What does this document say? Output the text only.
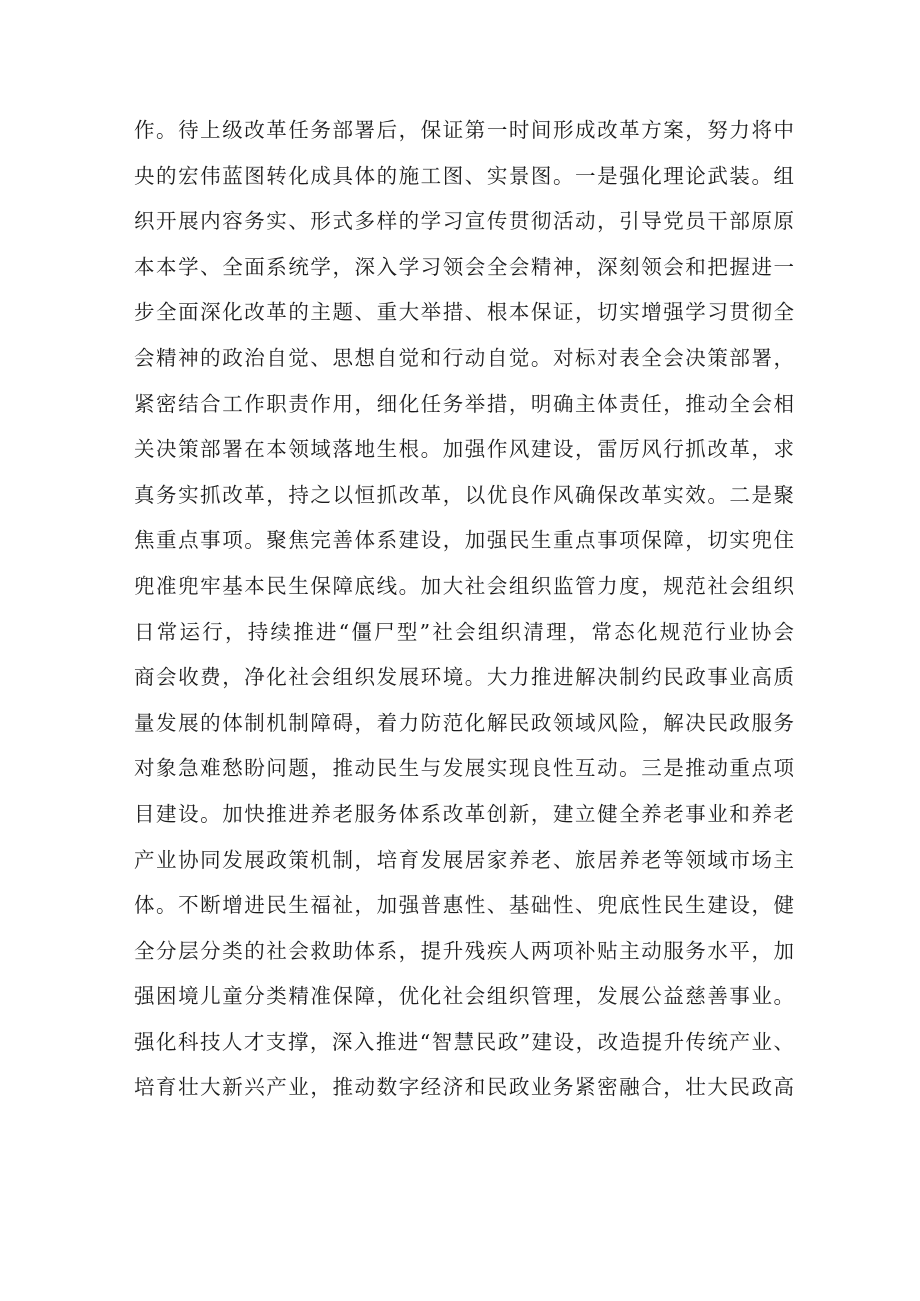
作。待上级改革任务部署后，保证第一时间形成改革方案，努力将中
央的宏伟蓝图转化成具体的施工图、实景图。一是强化理论武装。组
织开展内容务实、形式多样的学习宣传贯彻活动，引导党员干部原原
本本学、全面系统学，深入学习领会全会精神，深刻领会和把握进一
步全面深化改革的主题、重大举措、根本保证，切实增强学习贯彻全
会精神的政治自觉、思想自觉和行动自觉。对标对表全会决策部署，
紧密结合工作职责作用，细化任务举措，明确主体责任，推动全会相
关决策部署在本领域落地生根。加强作风建设，雷厉风行抓改革，求
真务实抓改革，持之以恒抓改革，以优良作风确保改革实效。二是聚
焦重点事项。聚焦完善体系建设，加强民生重点事项保障，切实兜住
兜准兜牢基本民生保障底线。加大社会组织监管力度，规范社会组织
日常运行，持续推进“僵尸型”社会组织清理，常态化规范行业协会
商会收费，净化社会组织发展环境。大力推进解决制约民政事业高质
量发展的体制机制障碍，着力防范化解民政领域风险，解决民政服务
对象急难愁盼问题，推动民生与发展实现良性互动。三是推动重点项
目建设。加快推进养老服务体系改革创新，建立健全养老事业和养老
产业协同发展政策机制，培育发展居家养老、旅居养老等领域市场主
体。不断增进民生福祉，加强普惠性、基础性、兜底性民生建设，健
全分层分类的社会救助体系，提升残疾人两项补贴主动服务水平，加
强困境儿童分类精准保障，优化社会组织管理，发展公益慈善事业。
强化科技人才支撑，深入推进“智慧民政”建设，改造提升传统产业、
培育壮大新兴产业，推动数字经济和民政业务紧密融合，壮大民政高
